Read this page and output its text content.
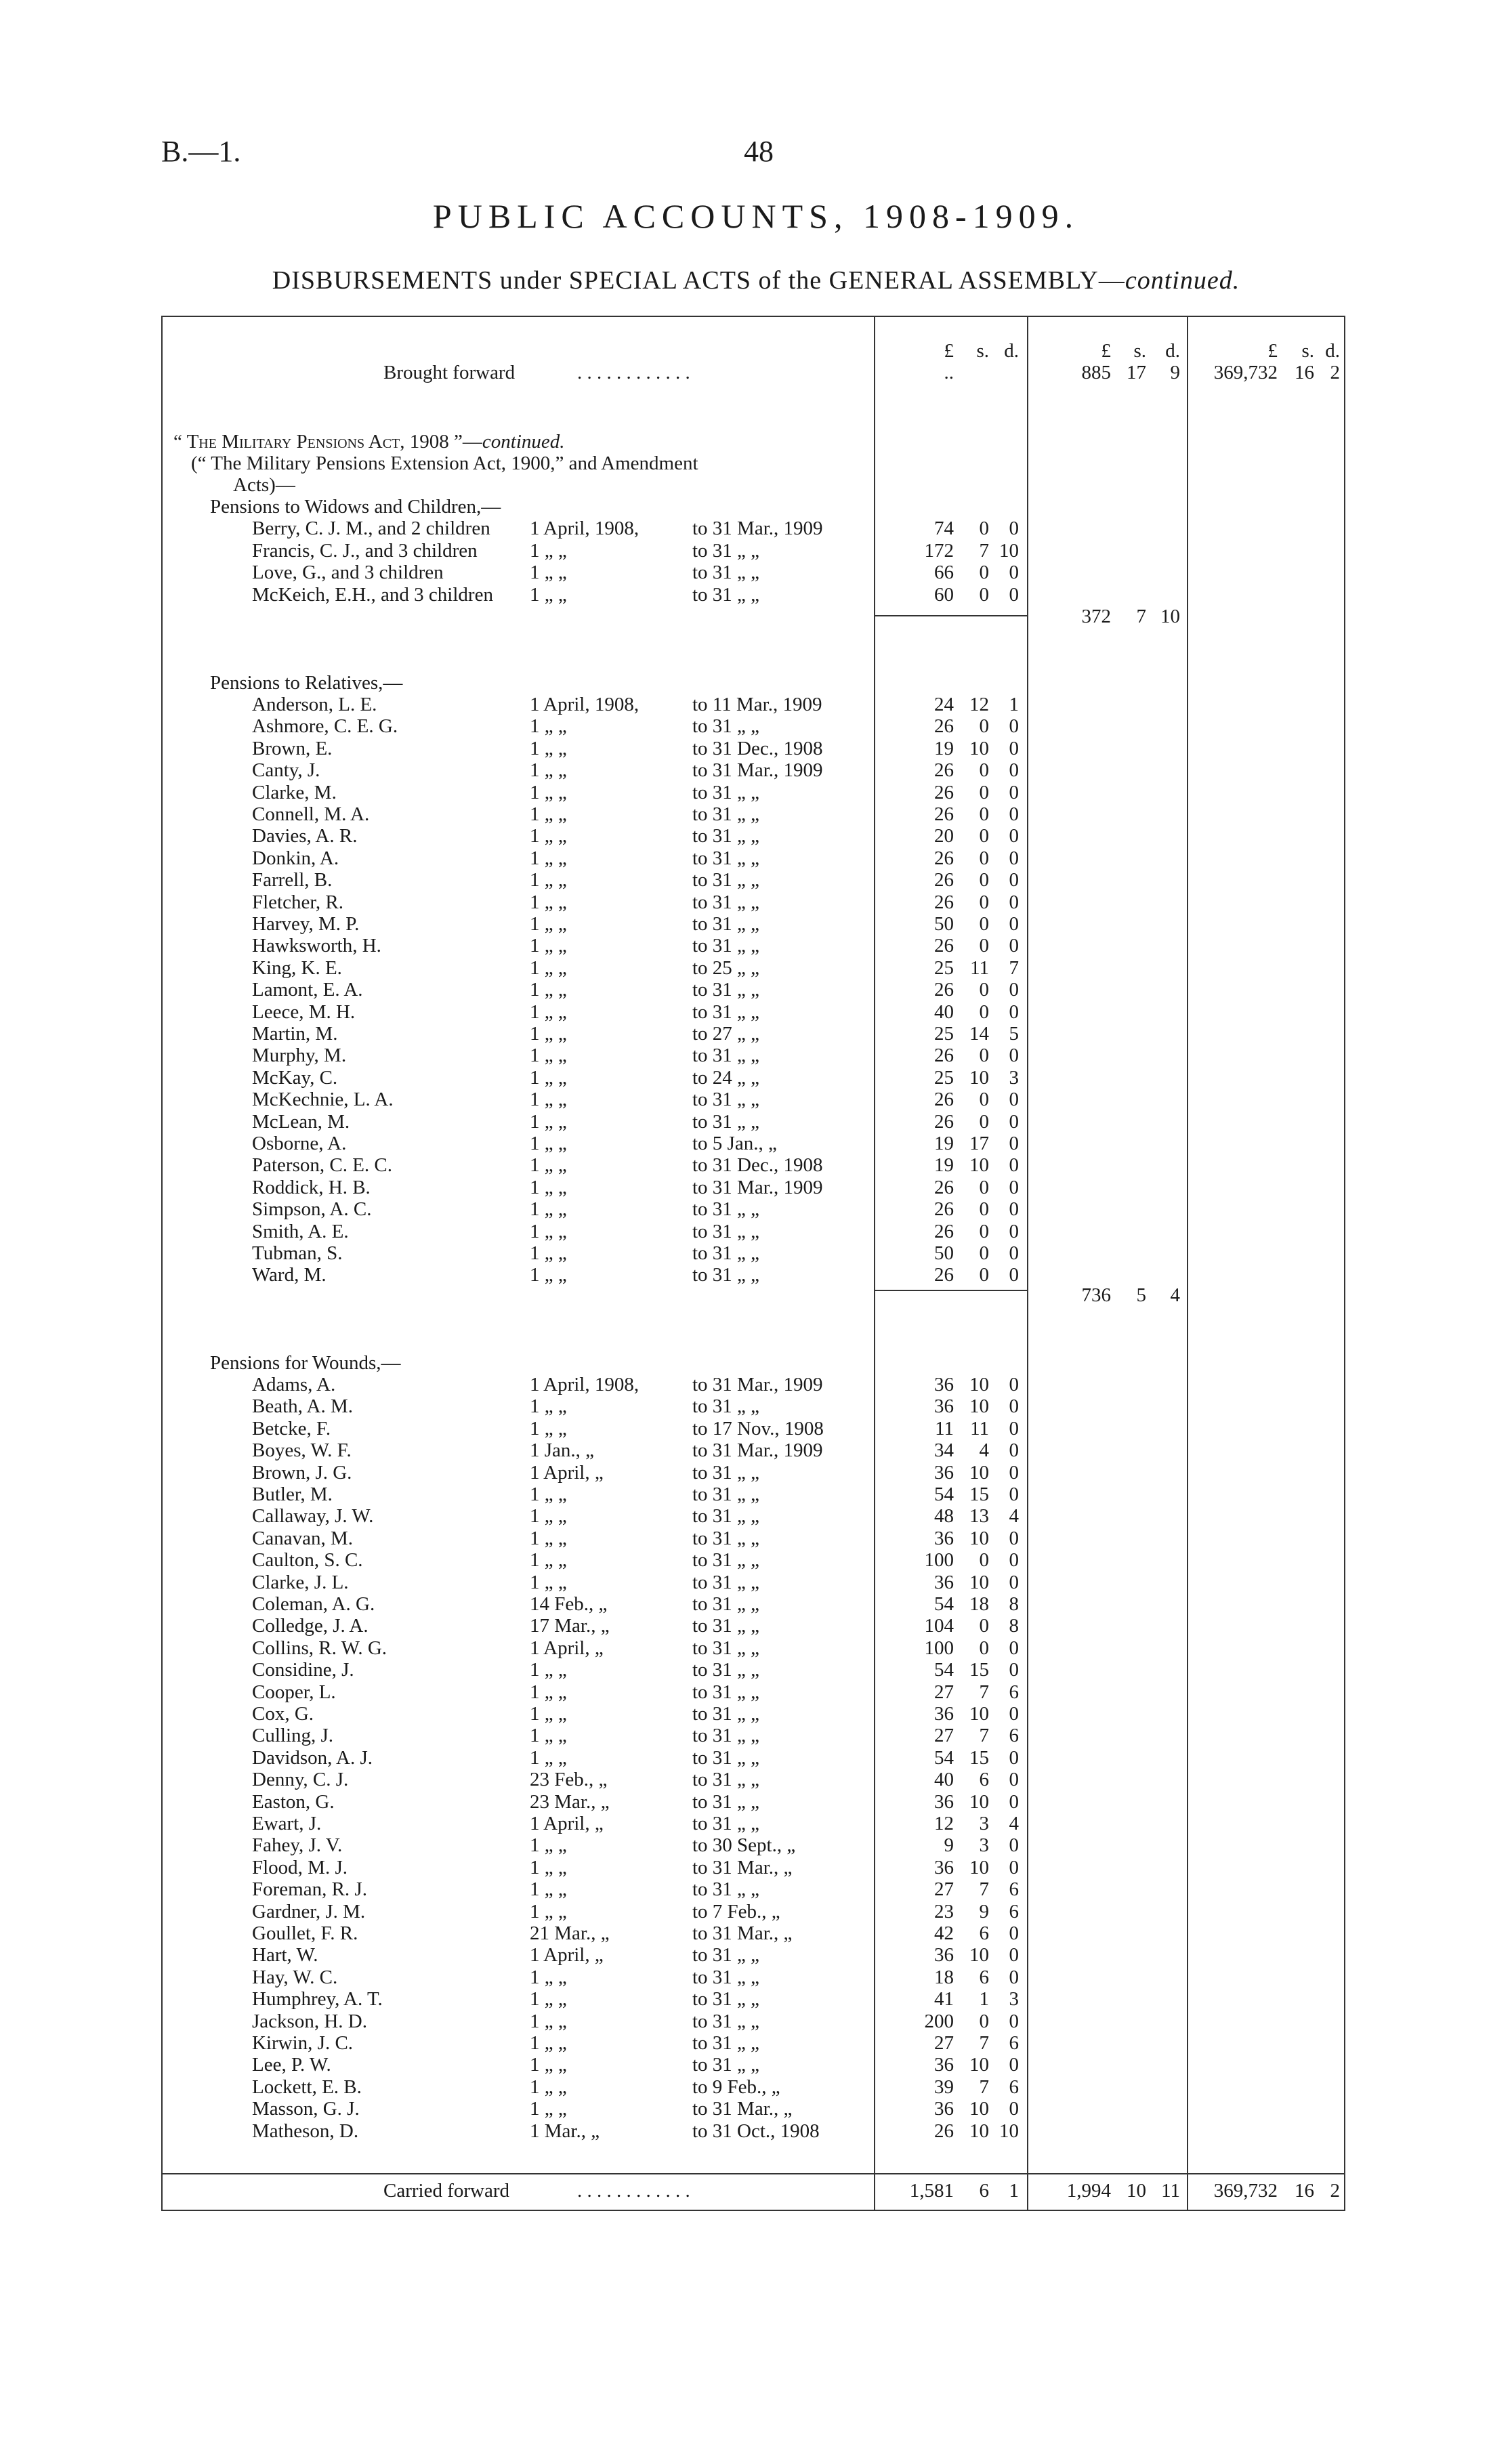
B.—1.	48
PUBLIC ACCOUNTS, 1908-1909.
DISBURSEMENTS under SPECIAL ACTS of the GENERAL ASSEMBLY—continued.
£	s. d.	£	s. d.	£	s. d.
Brought forward	. . . . . . . . . . . .	..	885 17	9	369,732 16 2
“ The Military Pensions Act, 1908 ”—continued.
(“ The Military Pensions Extension Act, 1900,” and Amendment
Acts)—
Pensions to Widows and Children,—
Berry, C. J. M., and 2 children 1 April, 1908,	to 31 Mar., 1909	74	0	0
Francis, C. J., and 3 children	1 „ „	to 31 „ „	172	7 10
Love, G., and 3 children	1 „ „	to 31 „ „	66	0	0
McKeich, E.H., and 3 children 1 „ „	to 31 „ „	60	0	0
372	7 10
Pensions to Relatives,—
Anderson, L. E.	1 April, 1908,	to 11 Mar., 1909	24 12	1
Ashmore, C. E. G.	1 „ „	to 31 „ „	26	0	0
Brown, E.	1 „ „	to 31 Dec., 1908	19 10	0
Canty, J.	1 „ „	to 31 Mar., 1909	26	0	0
Clarke, M.	1 „ „	to 31 „ „	26	0	0
Connell, M. A.	1 „ „	to 31 „ „	26	0	0
Davies, A. R.	1 „ „	to 31 „ „	20	0	0
Donkin, A.	1 „ „	to 31 „ „	26	0	0
Farrell, B.	1 „ „	to 31 „ „	26	0	0
Fletcher, R.	1 „ „	to 31 „ „	26	0	0
Harvey, M. P.	1 „ „	to 31 „ „	50	0	0
Hawksworth, H.	1 „ „	to 31 „ „	26	0	0
King, K. E.	1 „ „	to 25 „ „	25 11	7
Lamont, E. A.	1 „ „	to 31 „ „	26	0	0
Leece, M. H.	1 „ „	to 31 „ „	40	0	0
Martin, M.	1 „ „	to 27 „ „	25 14	5
Murphy, M.	1 „ „	to 31 „ „	26	0	0
McKay, C.	1 „ „	to 24 „ „	25 10	3
McKechnie, L. A.	1 „ „	to 31 „ „	26	0	0
McLean, M.	1 „ „	to 31 „ „	26	0	0
Osborne, A.	1 „ „	to 5 Jan., „	19 17	0
Paterson, C. E. C.	1 „ „	to 31 Dec., 1908	19 10	0
Roddick, H. B.	1 „ „	to 31 Mar., 1909	26	0	0
Simpson, A. C.	1 „ „	to 31 „ „	26	0	0
Smith, A. E.	1 „ „	to 31 „ „	26	0	0
Tubman, S.	1 „ „	to 31 „ „	50	0	0
Ward, M.	1 „ „	to 31 „ „	26	0	0
736	5	4
Pensions for Wounds,—
Adams, A.	1 April, 1908,	to 31 Mar., 1909	36 10	0
Beath, A. M.	1 „ „	to 31 „ „	36 10	0
Betcke, F.	1 „ „	to 17 Nov., 1908	11 11	0
Boyes, W. F.	1 Jan., „	to 31 Mar., 1909	34	4	0
Brown, J. G.	1 April, „	to 31 „ „	36 10	0
Butler, M.	1 „ „	to 31 „ „	54 15	0
Callaway, J. W.	1 „ „	to 31 „ „	48 13	4
Canavan, M.	1 „ „	to 31 „ „	36 10	0
Caulton, S. C.	1 „ „	to 31 „ „	100	0	0
Clarke, J. L.	1 „ „	to 31 „ „	36 10	0
Coleman, A. G.	14 Feb., „	to 31 „ „	54 18	8
Colledge, J. A.	17 Mar., „	to 31 „ „	104	0	8
Collins, R. W. G.	1 April, „	to 31 „ „	100	0	0
Considine, J.	1 „ „	to 31 „ „	54 15	0
Cooper, L.	1 „ „	to 31 „ „	27	7	6
Cox, G.	1 „ „	to 31 „ „	36 10	0
Culling, J.	1 „ „	to 31 „ „	27	7	6
Davidson, A. J.	1 „ „	to 31 „ „	54 15	0
Denny, C. J.	23 Feb., „	to 31 „ „	40	6	0
Easton, G.	23 Mar., „	to 31 „ „	36 10	0
Ewart, J.	1 April, „	to 31 „ „	12	3	4
Fahey, J. V.	1 „ „	to 30 Sept., „	9	3	0
Flood, M. J.	1 „ „	to 31 Mar., „	36 10	0
Foreman, R. J.	1 „ „	to 31 „ „	27	7	6
Gardner, J. M.	1 „ „	to 7 Feb., „	23	9	6
Goullet, F. R.	21 Mar., „	to 31 Mar., „	42	6	0
Hart, W.	1 April, „	to 31 „ „	36 10	0
Hay, W. C.	1 „ „	to 31 „ „	18	6	0
Humphrey, A. T.	1 „ „	to 31 „ „	41	1	3
Jackson, H. D.	1 „ „	to 31 „ „	200	0	0
Kirwin, J. C.	1 „ „	to 31 „ „	27	7	6
Lee, P. W.	1 „ „	to 31 „ „	36 10	0
Lockett, E. B.	1 „ „	to 9 Feb., „	39	7	6
Masson, G. J.	1 „ „	to 31 Mar., „	36 10	0
Matheson, D.	1 Mar., „	to 31 Oct., 1908	26 10 10
Carried forward	. . . . . . . . . . . .	1,581	6	1	1,994 10 11	369,732 16 2
